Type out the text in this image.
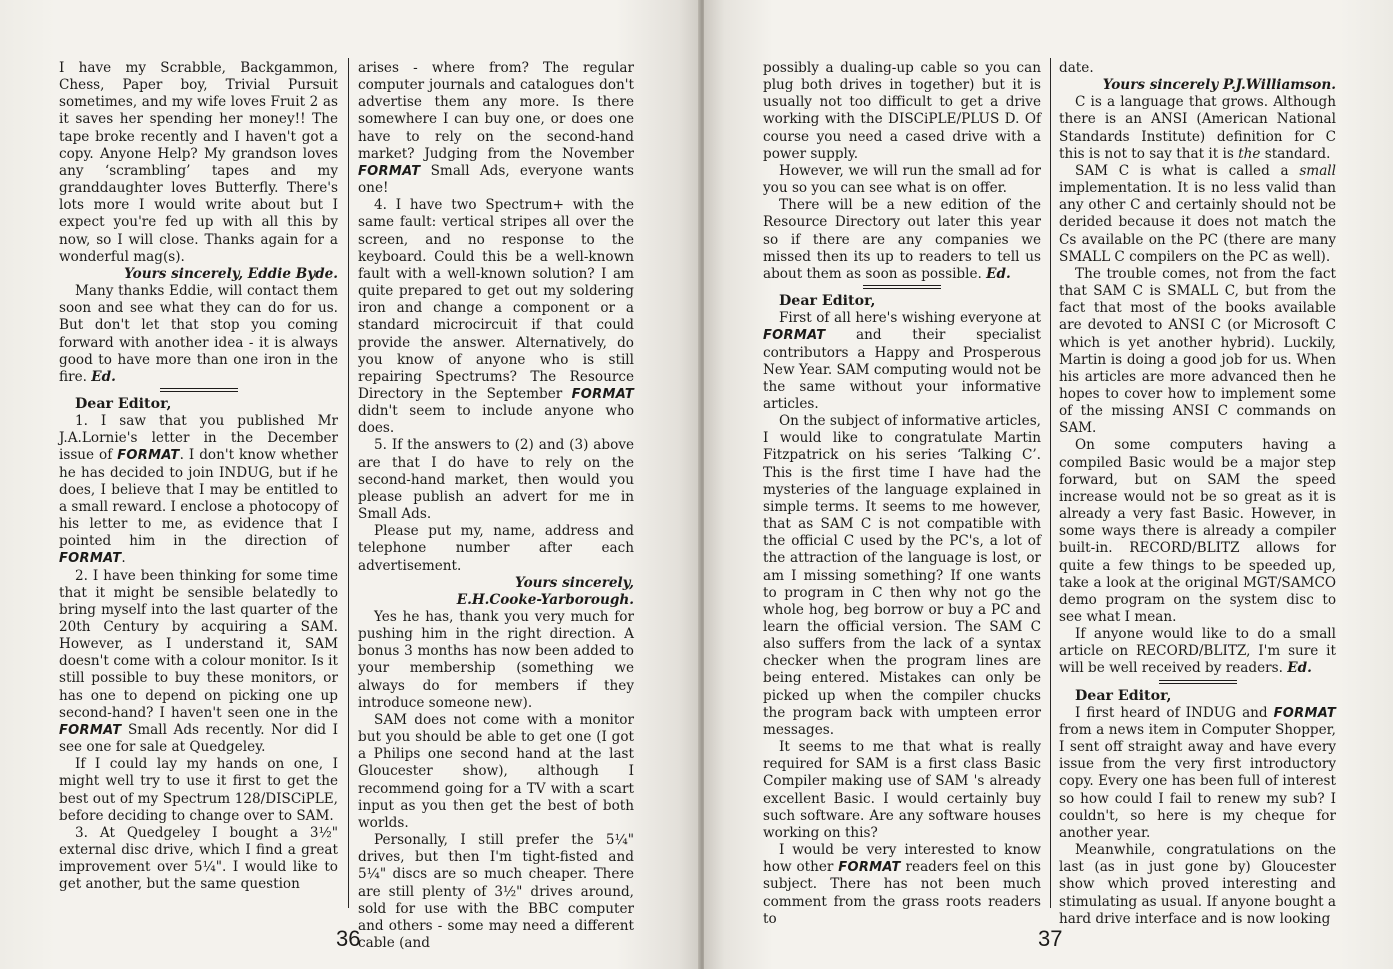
I have my Scrabble, Backgammon, Chess, Paper boy, Trivial Pursuit sometimes, and my wife loves Fruit 2 as it saves her spending her money!! The tape broke recently and I haven't got a copy. Anyone Help? My grandson loves any ‘scrambling’ tapes and my granddaughter loves Butterfly. There's lots more I would write about but I expect you're fed up with all this by now, so I will close. Thanks again for a wonderful mag(s).

Yours sincerely, Eddie Byde.

Many thanks Eddie, will contact them soon and see what they can do for us. But don't let that stop you coming forward with another idea - it is always good to have more than one iron in the fire. Ed.

Dear Editor,

1. I saw that you published Mr J.A.Lornie's letter in the December issue of FORMAT. I don't know whether he has decided to join INDUG, but if he does, I believe that I may be entitled to a small reward. I enclose a photocopy of his letter to me, as evidence that I pointed him in the direction of FORMAT.

2. I have been thinking for some time that it might be sensible belatedly to bring myself into the last quarter of the 20th Century by acquiring a SAM. However, as I understand it, SAM doesn't come with a colour monitor. Is it still possible to buy these monitors, or has one to depend on picking one up second-hand? I haven't seen one in the FORMAT Small Ads recently. Nor did I see one for sale at Quedgeley.

If I could lay my hands on one, I might well try to use it first to get the best out of my Spectrum 128/DISCiPLE, before deciding to change over to SAM.

3. At Quedgeley I bought a 3½" external disc drive, which I find a great improvement over 5¼". I would like to get another, but the same question

arises - where from? The regular computer journals and catalogues don't advertise them any more. Is there somewhere I can buy one, or does one have to rely on the second-hand market? Judging from the November FORMAT Small Ads, everyone wants one!

4. I have two Spectrum+ with the same fault: vertical stripes all over the screen, and no response to the keyboard. Could this be a well-known fault with a well-known solution? I am quite prepared to get out my soldering iron and change a component or a standard microcircuit if that could provide the answer. Alternatively, do you know of anyone who is still repairing Spectrums? The Resource Directory in the September FORMAT didn't seem to include anyone who does.

5. If the answers to (2) and (3) above are that I do have to rely on the second-hand market, then would you please publish an advert for me in Small Ads.

Please put my, name, address and telephone number after each advertisement.

Yours sincerely,

E.H.Cooke-Yarborough.

Yes he has, thank you very much for pushing him in the right direction. A bonus 3 months has now been added to your membership (something we always do for members if they introduce someone new).

SAM does not come with a monitor but you should be able to get one (I got a Philips one second hand at the last Gloucester show), although I recommend going for a TV with a scart input as you then get the best of both worlds.

Personally, I still prefer the 5¼" drives, but then I'm tight-fisted and 5¼" discs are so much cheaper. There are still plenty of 3½" drives around, sold for use with the BBC computer and others - some may need a different cable (and

36

possibly a dualing-up cable so you can plug both drives in together) but it is usually not too difficult to get a drive working with the DISCiPLE/PLUS D. Of course you need a cased drive with a power supply.

However, we will run the small ad for you so you can see what is on offer.

There will be a new edition of the Resource Directory out later this year so if there are any companies we missed then its up to readers to tell us about them as soon as possible. Ed.

Dear Editor,

First of all here's wishing everyone at FORMAT and their specialist contributors a Happy and Prosperous New Year. SAM computing would not be the same without your informative articles.

On the subject of informative articles, I would like to congratulate Martin Fitzpatrick on his series ‘Talking C’. This is the first time I have had the mysteries of the language explained in simple terms. It seems to me however, that as SAM C is not compatible with the official C used by the PC's, a lot of the attraction of the language is lost, or am I missing something? If one wants to program in C then why not go the whole hog, beg borrow or buy a PC and learn the official version. The SAM C also suffers from the lack of a syntax checker when the program lines are being entered. Mistakes can only be picked up when the compiler chucks the program back with umpteen error messages.

It seems to me that what is really required for SAM is a first class Basic Compiler making use of SAM 's already excellent Basic. I would certainly buy such software. Are any software houses working on this?

I would be very interested to know how other FORMAT readers feel on this subject. There has not been much comment from the grass roots readers to

date.

Yours sincerely P.J.Williamson.

C is a language that grows. Although there is an ANSI (American National Standards Institute) definition for C this is not to say that it is the standard.

SAM C is what is called a small implementation. It is no less valid than any other C and certainly should not be derided because it does not match the Cs available on the PC (there are many SMALL C compilers on the PC as well).

The trouble comes, not from the fact that SAM C is SMALL C, but from the fact that most of the books available are devoted to ANSI C (or Microsoft C which is yet another hybrid). Luckily, Martin is doing a good job for us. When his articles are more advanced then he hopes to cover how to implement some of the missing ANSI C commands on SAM.

On some computers having a compiled Basic would be a major step forward, but on SAM the speed increase would not be so great as it is already a very fast Basic. However, in some ways there is already a compiler built-in. RECORD/BLITZ allows for quite a few things to be speeded up, take a look at the original MGT/SAMCO demo program on the system disc to see what I mean.

If anyone would like to do a small article on RECORD/BLITZ, I'm sure it will be well received by readers. Ed.

Dear Editor,

I first heard of INDUG and FORMAT from a news item in Computer Shopper, I sent off straight away and have every issue from the very first introductory copy. Every one has been full of interest so how could I fail to renew my sub? I couldn't, so here is my cheque for another year.

Meanwhile, congratulations on the last (as in just gone by) Gloucester show which proved interesting and stimulating as usual. If anyone bought a hard drive interface and is now looking

37
